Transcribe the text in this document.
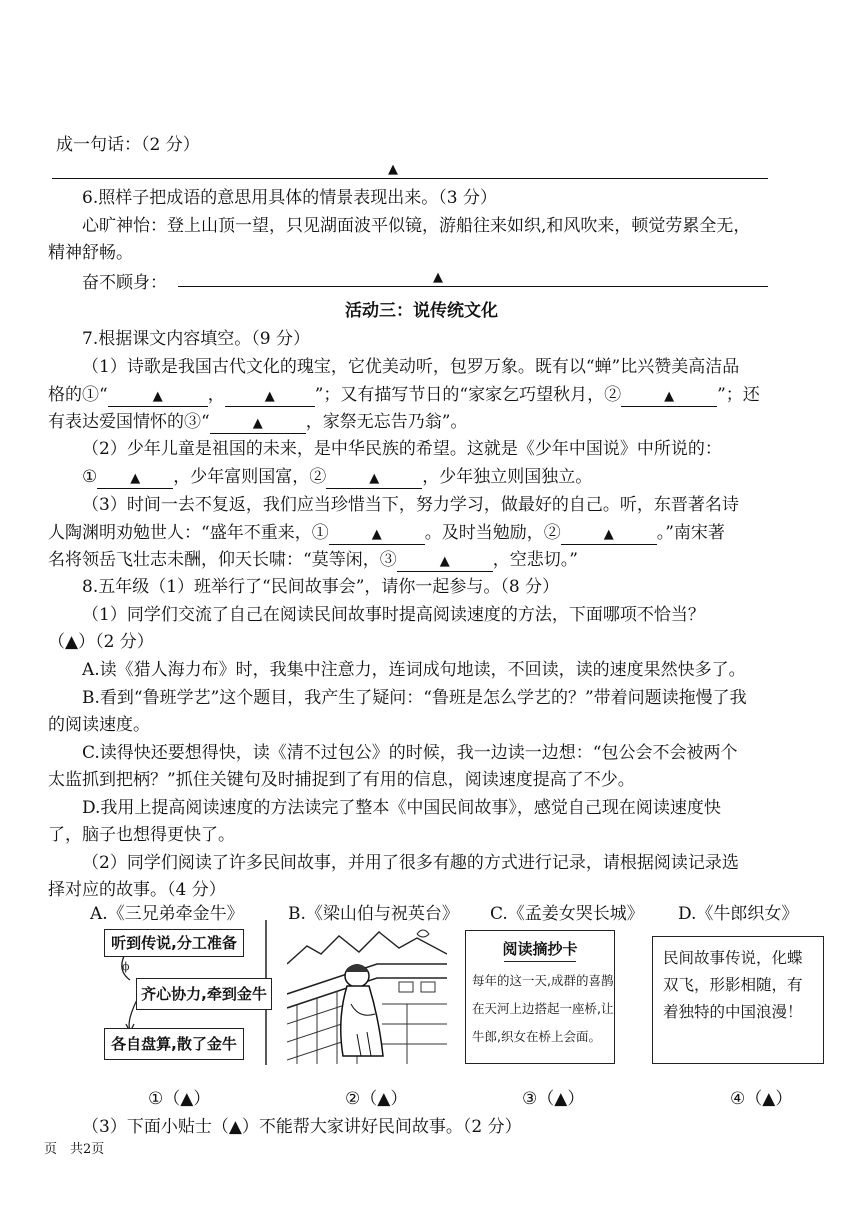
成一句话：（2 分）
▲
6.照样子把成语的意思用具体的情景表现出来。（3 分）
心旷神怡：登上山顶一望，只见湖面波平似镜，游船往来如织,和风吹来，顿觉劳累全无，
精神舒畅。
奋不顾身：	▲
活动三：说传统文化
7.根据课文内容填空。（9 分）
（1）诗歌是我国古代文化的瑰宝，它优美动听，包罗万象。既有以“蝉”比兴赞美高洁品
格的①“	▲	，	▲ ”；又有描写节日的“家家乞巧望秋月，②	▲	”；还
有表达爱国情怀的③“	▲	，家祭无忘告乃翁”。
（2）少年儿童是祖国的未来，是中华民族的希望。这就是《少年中国说》中所说的：
①	▲ ，少年富则国富，②	▲	，少年独立则国独立。
（3）时间一去不复返，我们应当珍惜当下，努力学习，做最好的自己。听，东晋著名诗
人陶渊明劝勉世人：“盛年不重来，①	▲	。及时当勉励，②	▲	。”南宋著
名将领岳飞壮志未酬，仰天长啸：“莫等闲，③	▲	，空悲切。”
8.五年级（1）班举行了“民间故事会”，请你一起参与。（8 分）
（1）同学们交流了自己在阅读民间故事时提高阅读速度的方法，下面哪项不恰当？
（▲）（2 分）
A.读《猎人海力布》时，我集中注意力，连词成句地读，不回读，读的速度果然快多了。
B.看到“鲁班学艺”这个题目，我产生了疑问：“鲁班是怎么学艺的？”带着问题读拖慢了我
的阅读速度。
C.读得快还要想得快，读《清不过包公》的时候，我一边读一边想：“包公会不会被两个
太监抓到把柄？”抓住关键句及时捕捉到了有用的信息，阅读速度提高了不少。
D.我用上提高阅读速度的方法读完了整本《中国民间故事》，感觉自己现在阅读速度快
了，脑子也想得更快了。
（2）同学们阅读了许多民间故事，并用了很多有趣的方式进行记录，请根据阅读记录选
择对应的故事。（4 分）
A.《三兄弟牵金牛》	B.《梁山伯与祝英台》 C.《孟姜女哭长城》 D.《牛郎织女》
ϕ
听到传说,分工准备
齐心协力,牵到金牛
各自盘算,散了金牛
阅读摘抄卡
每年的这一天,成群的喜鹊
在天河上边搭起一座桥,让
牛郎,织女在桥上会面。
民间故事传说，化蝶
双飞，形影相随，有
着独特的中国浪漫！
①（▲）	②（▲）	③（▲）	④（▲）
（3）下面小贴士（▲）不能帮大家讲好民间故事。（2 分）
页　共2页
